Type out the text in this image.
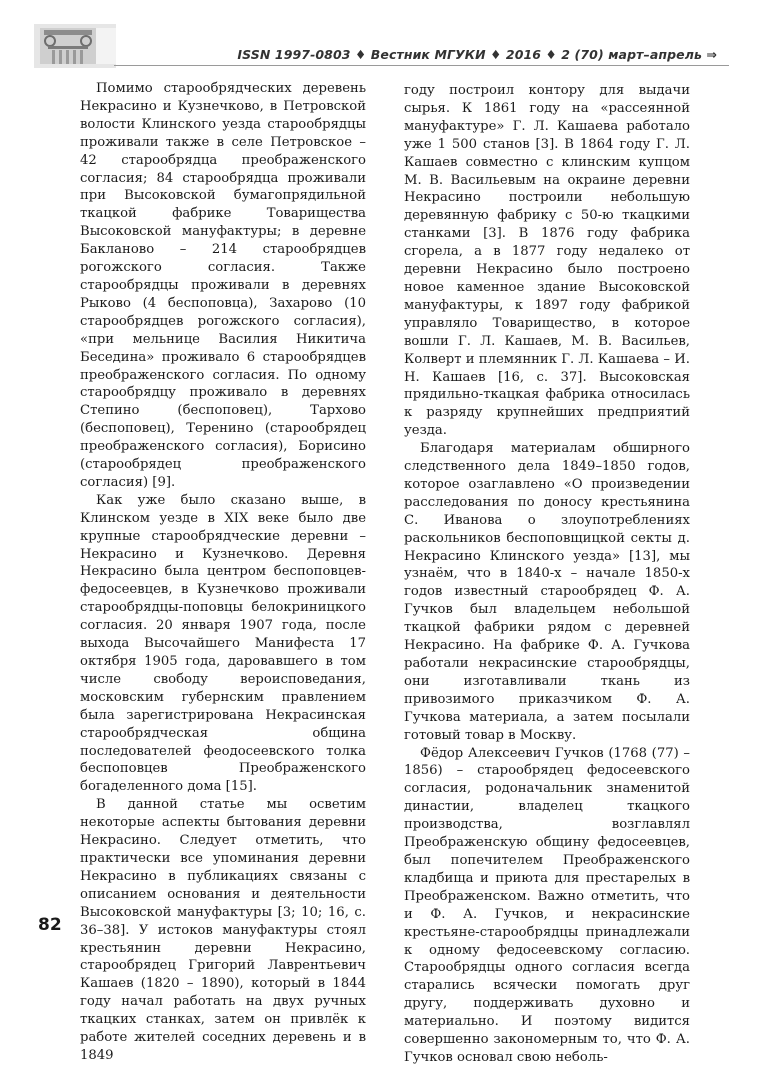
ISSN 1997-0803 ♦ Вестник МГУКИ ♦ 2016 ♦ 2 (70) март–апрель ⇒

Помимо старообрядческих деревень Некрасино и Кузнечково, в Петровской волости Клинского уезда старообрядцы проживали также в селе Петровское – 42 старообрядца преображенского согласия; 84 старообрядца проживали при Высоковской бумагопрядильной ткацкой фабрике Товарищества Высоковской мануфактуры; в деревне Бакланово – 214 старообрядцев рогожского согласия. Также старообрядцы проживали в деревнях Рыково (4 беспоповца), Захарово (10 старообрядцев рогожского согласия), «при мельнице Василия Никитича Беседина» проживало 6 старообрядцев преображенского согласия. По одному старообрядцу проживало в деревнях Степино (беспоповец), Тархово (беспоповец), Теренино (старообрядец преображенского согласия), Борисино (старообрядец преображенского согласия) [9].

Как уже было сказано выше, в Клинском уезде в XIX веке было две крупные старообрядческие деревни – Некрасино и Кузнечково. Деревня Некрасино была центром беспоповцев-федосеевцев, в Кузнечково проживали старообрядцы-поповцы белокриницкого согласия. 20 января 1907 года, после выхода Высочайшего Манифеста 17 октября 1905 года, даровавшего в том числе свободу вероисповедания, московским губернским правлением была зарегистрирована Некрасинская старообрядческая община последователей феодосеевского толка беспоповцев Преображенского богаделенного дома [15].

В данной статье мы осветим некоторые аспекты бытования деревни Некрасино. Следует отметить, что практически все упоминания деревни Некрасино в публикациях связаны с описанием основания и деятельности Высоковской мануфактуры [3; 10; 16, с. 36–38]. У истоков мануфактуры стоял крестьянин деревни Некрасино, старообрядец Григорий Лаврентьевич Кашаев (1820 – 1890), который в 1844 году начал работать на двух ручных ткацких станках, затем он привлёк к работе жителей соседних деревень и в 1849

году построил контору для выдачи сырья. К 1861 году на «рассеянной мануфактуре» Г. Л. Кашаева работало уже 1 500 станов [3]. В 1864 году Г. Л. Кашаев совместно с клинским купцом М. В. Васильевым на окраине деревни Некрасино построили небольшую деревянную фабрику с 50-ю ткацкими станками [3]. В 1876 году фабрика сгорела, а в 1877 году недалеко от деревни Некрасино было построено новое каменное здание Высоковской мануфактуры, к 1897 году фабрикой управляло Товарищество, в которое вошли Г. Л. Кашаев, М. В. Васильев, Колверт и племянник Г. Л. Кашаева – И. Н. Кашаев [16, с. 37]. Высоковская прядильно-ткацкая фабрика относилась к разряду крупнейших предприятий уезда.

Благодаря материалам обширного следственного дела 1849–1850 годов, которое озаглавлено «О произведении расследования по доносу крестьянина С. Иванова о злоупотреблениях раскольников беспоповщицкой секты д. Некрасино Клинского уезда» [13], мы узнаём, что в 1840-х – начале 1850-х годов известный старообрядец Ф. А. Гучков был владельцем небольшой ткацкой фабрики рядом с деревней Некрасино. На фабрике Ф. А. Гучкова работали некрасинские старообрядцы, они изготавливали ткань из привозимого приказчиком Ф. А. Гучкова материала, а затем посылали готовый товар в Москву.

Фёдор Алексеевич Гучков (1768 (77) – 1856) – старообрядец федосеевского согласия, родоначальник знаменитой династии, владелец ткацкого производства, возглавлял Преображенскую общину федосеевцев, был попечителем Преображенского кладбища и приюта для престарелых в Преображенском. Важно отметить, что и Ф. А. Гучков, и некрасинские крестьяне-старообрядцы принадлежали к одному федосеевскому согласию. Старообрядцы одного согласия всегда старались всячески помогать друг другу, поддерживать духовно и материально. И поэтому видится совершенно закономерным то, что Ф. А. Гучков основал свою неболь-

82
